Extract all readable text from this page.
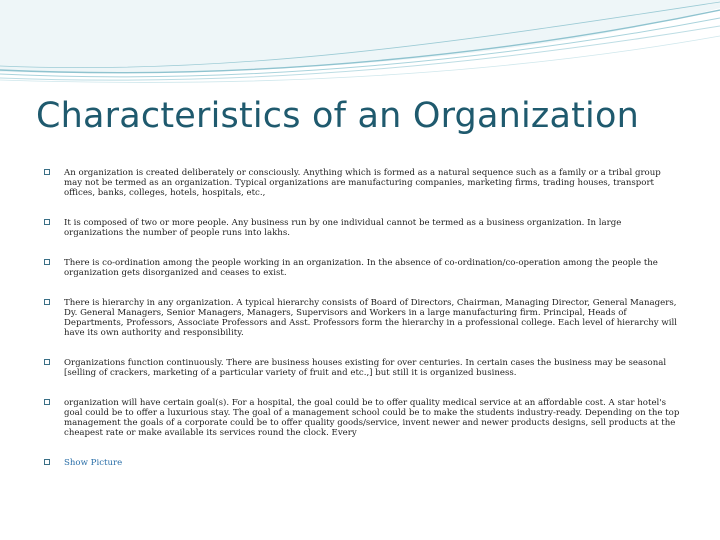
Characteristics of an Organization
An organization is created deliberately or consciously. Anything which is formed as a natural sequence such as a family or a tribal group may not be termed as an organization. Typical organizations are manufacturing companies, marketing firms, trading houses, transport offices, banks, colleges, hotels, hospitals, etc.,
It is composed of two or more people. Any business run by one individual cannot be termed as a business organization. In large organizations the number of people runs into lakhs.
There is co-ordination among the people working in an organization. In the absence of co-ordination/co-operation among the people the organization gets disorganized and ceases to exist.
There is hierarchy in any organization. A typical hierarchy consists of Board of Directors, Chairman, Managing Director, General Managers, Dy. General Managers, Senior Managers, Managers, Supervisors and Workers in a large manufacturing firm. Principal, Heads of Departments, Professors, Associate Professors and Asst. Professors form the hierarchy in a professional college. Each level of hierarchy will have its own authority and responsibility.
Organizations function continuously. There are business houses existing for over centuries. In certain cases the business may be seasonal [selling of crackers, marketing of a particular variety of fruit and etc.,] but still it is organized business.
organization will have certain goal(s). For a hospital, the goal could be to offer quality medical service at an affordable cost. A star hotel's goal could be to offer a luxurious stay. The goal of a management school could be to make the students industry-ready. Depending on the top management the goals of a corporate could be to offer quality goods/service, invent newer and newer products designs, sell products at the cheapest rate or make available its services round the clock. Every
Show Picture
